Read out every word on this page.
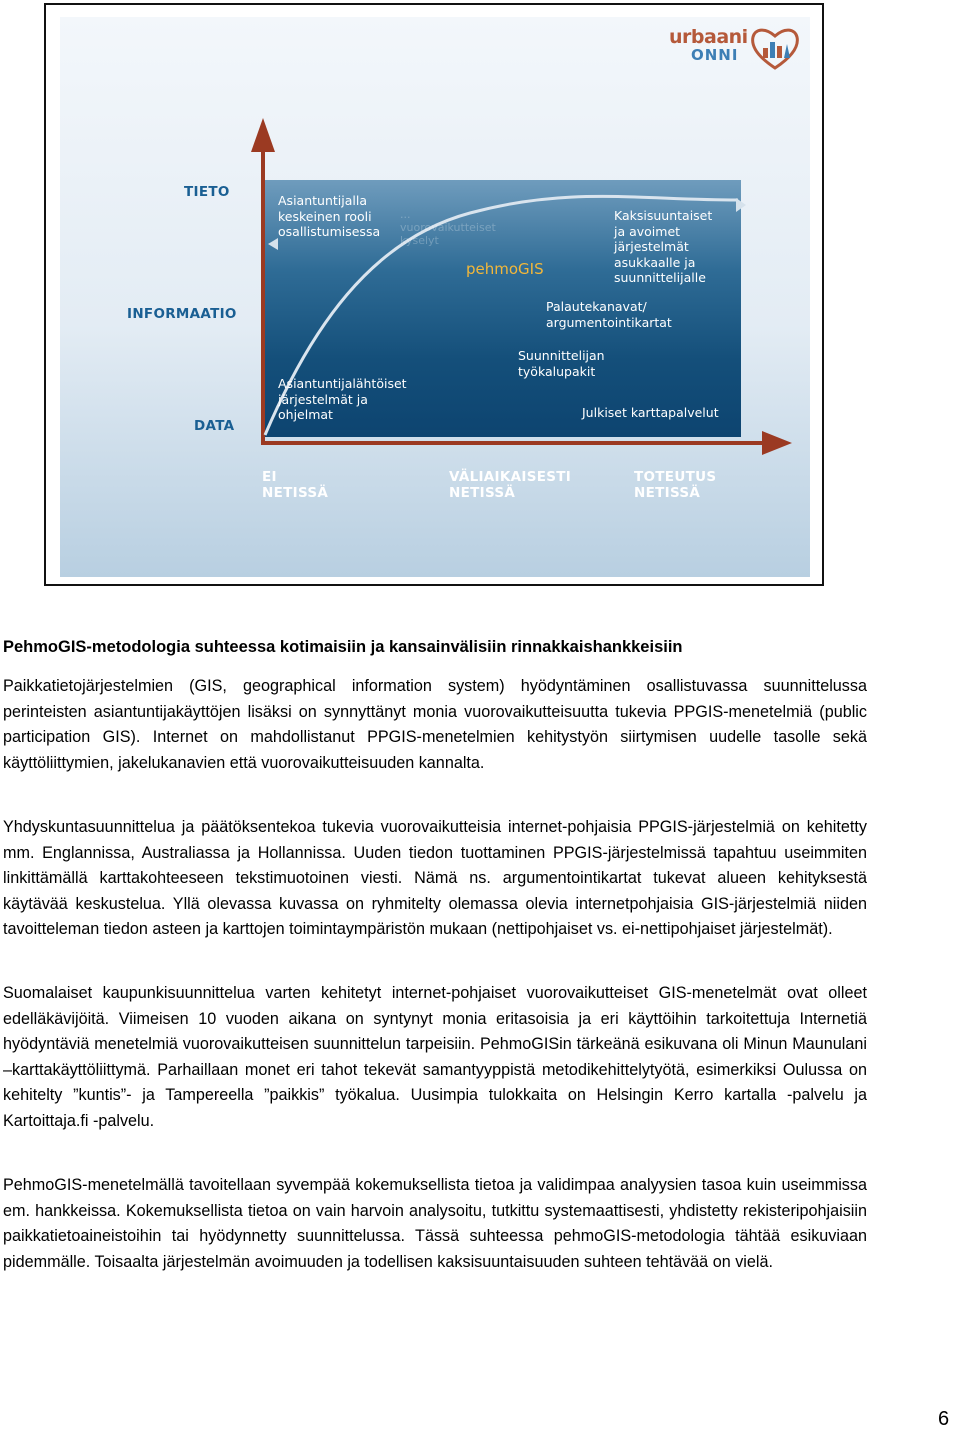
urbaani
ONNI
TIETO
INFORMAATIO
DATA
EI
NETISSÄ
VÄLIAIKAISESTI
NETISSÄ
TOTEUTUS
NETISSÄ
Asiantuntijalla
keskeinen rooli
osallistumisessa
...
vuorovaikutteiset
kyselyt
pehmoGIS
Kaksisuuntaiset
ja avoimet
järjestelmät
asukkaalle ja
suunnittelijalle
Palautekanavat/
argumentointikartat
Suunnittelijan
työkalupakit
Asiantuntijalähtöiset
järjestelmät ja
ohjelmat	Julkiset karttapalvelut
PehmoGIS-metodologia suhteessa kotimaisiin ja kansainvälisiin rinnakkaishankkeisiin
Paikkatietojärjestelmien (GIS, geographical information system) hyödyntäminen osallistuvassa suunnittelussa perinteisten asiantuntijakäyttöjen lisäksi on synnyttänyt monia vuorovaikutteisuutta tukevia PPGIS-menetelmiä (public participation GIS). Internet on mahdollistanut PPGIS-menetelmien kehitystyön siirtymisen uudelle tasolle sekä käyttöliittymien, jakelukanavien että vuorovaikutteisuuden kannalta.
Yhdyskuntasuunnittelua ja päätöksentekoa tukevia vuorovaikutteisia internet-pohjaisia PPGIS-järjestelmiä on kehitetty mm. Englannissa, Australiassa ja Hollannissa. Uuden tiedon tuottaminen PPGIS-järjestelmissä tapahtuu useimmiten linkittämällä karttakohteeseen tekstimuotoinen viesti. Nämä ns. argumentointikartat tukevat alueen kehityksestä käytävää keskustelua. Yllä olevassa kuvassa on ryhmitelty olemassa olevia internetpohjaisia GIS-järjestelmiä niiden tavoitteleman tiedon asteen ja karttojen toimintaympäristön mukaan (nettipohjaiset vs. ei-nettipohjaiset järjestelmät).
Suomalaiset kaupunkisuunnittelua varten kehitetyt internet-pohjaiset vuorovaikutteiset GIS-menetelmät ovat olleet edelläkävijöitä. Viimeisen 10 vuoden aikana on syntynyt monia eritasoisia ja eri käyttöihin tarkoitettuja Internetiä hyödyntäviä menetelmiä vuorovaikutteisen suunnittelun tarpeisiin. PehmoGISin tärkeänä esikuvana oli Minun Maunulani –karttakäyttöliittymä. Parhaillaan monet eri tahot tekevät samantyyppistä metodikehittelytyötä, esimerkiksi Oulussa on kehitelty ”kuntis”- ja Tampereella ”paikkis” työkalua. Uusimpia tulokkaita on Helsingin Kerro kartalla -palvelu ja Kartoittaja.fi -palvelu.
PehmoGIS-menetelmällä tavoitellaan syvempää kokemuksellista tietoa ja validimpaa analyysien tasoa kuin useimmissa em. hankkeissa. Kokemuksellista tietoa on vain harvoin analysoitu, tutkittu systemaattisesti, yhdistetty rekisteripohjaisiin paikkatietoaineistoihin tai hyödynnetty suunnittelussa. Tässä suhteessa pehmoGIS-metodologia tähtää esikuviaan pidemmälle. Toisaalta järjestelmän avoimuuden ja todellisen kaksisuuntaisuuden suhteen tehtävää on vielä.
6
